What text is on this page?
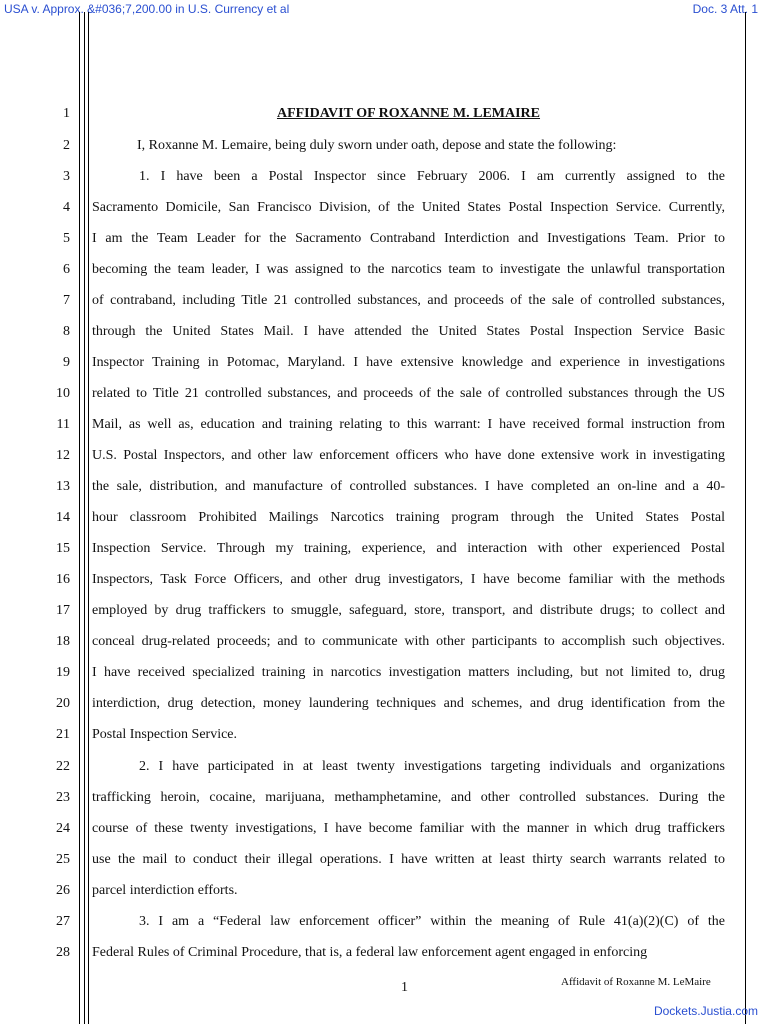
USA v. Approx. &#036;7,200.00 in U.S. Currency et al	Doc. 3 Att. 1
1	AFFIDAVIT OF ROXANNE M. LEMAIRE
2	I, Roxanne M. Lemaire, being duly sworn under oath, depose and state the following:
3	1. I have been a Postal Inspector since February 2006. I am currently assigned to the
4 Sacramento Domicile, San Francisco Division, of the United States Postal Inspection Service. Currently,
5 I am the Team Leader for the Sacramento Contraband Interdiction and Investigations Team. Prior to
6 becoming the team leader, I was assigned to the narcotics team to investigate the unlawful transportation
7 of contraband, including Title 21 controlled substances, and proceeds of the sale of controlled substances,
8 through the United States Mail. I have attended the United States Postal Inspection Service Basic
9 Inspector Training in Potomac, Maryland. I have extensive knowledge and experience in investigations
10 related to Title 21 controlled substances, and proceeds of the sale of controlled substances through the US
11 Mail, as well as, education and training relating to this warrant: I have received formal instruction from
12 U.S. Postal Inspectors, and other law enforcement officers who have done extensive work in investigating
13 the sale, distribution, and manufacture of controlled substances. I have completed an on-line and a 40-
14 hour classroom Prohibited Mailings Narcotics training program through the United States Postal
15 Inspection Service. Through my training, experience, and interaction with other experienced Postal
16 Inspectors, Task Force Officers, and other drug investigators, I have become familiar with the methods
17 employed by drug traffickers to smuggle, safeguard, store, transport, and distribute drugs; to collect and
18 conceal drug-related proceeds; and to communicate with other participants to accomplish such objectives.
19 I have received specialized training in narcotics investigation matters including, but not limited to, drug
20 interdiction, drug detection, money laundering techniques and schemes, and drug identification from the
21 Postal Inspection Service.
22	2. I have participated in at least twenty investigations targeting individuals and organizations
23 trafficking heroin, cocaine, marijuana, methamphetamine, and other controlled substances. During the
24 course of these twenty investigations, I have become familiar with the manner in which drug traffickers
25 use the mail to conduct their illegal operations. I have written at least thirty search warrants related to
26 parcel interdiction efforts.
27	3. I am a “Federal law enforcement officer” within the meaning of Rule 41(a)(2)(C) of the
28 Federal Rules of Criminal Procedure, that is, a federal law enforcement agent engaged in enforcing
1	Affidavit of Roxanne M. LeMaire
Dockets.Justia.com
